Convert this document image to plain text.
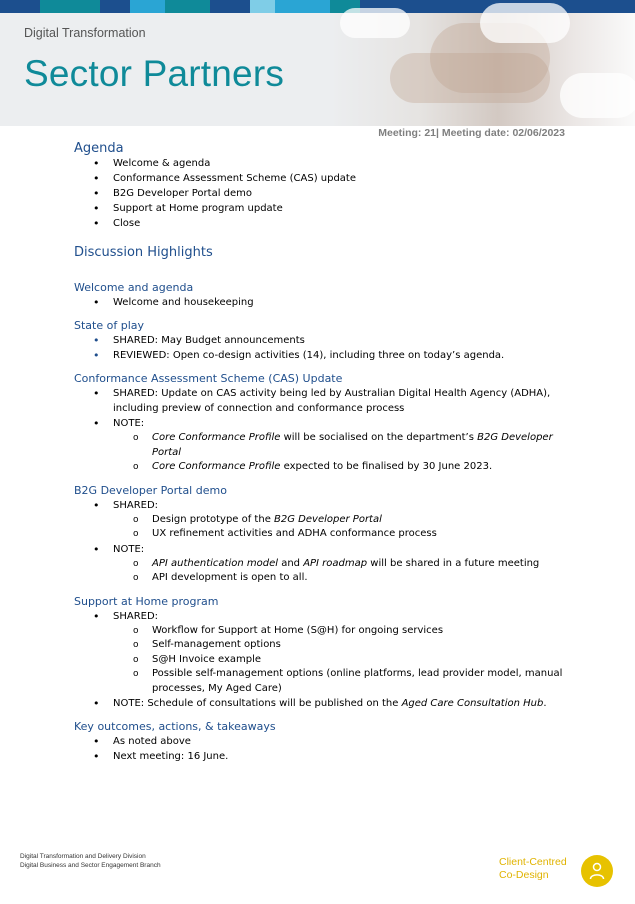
Digital Transformation
Sector Partners
Meeting: 21| Meeting date: 02/06/2023
Agenda
• Welcome & agenda
• Conformance Assessment Scheme (CAS) update
• B2G Developer Portal demo
• Support at Home program update
• Close
Discussion Highlights
Welcome and agenda
• Welcome and housekeeping
State of play
• SHARED: May Budget announcements
• REVIEWED: Open co-design activities (14), including three on today’s agenda.
Conformance Assessment Scheme (CAS) Update
• SHARED: Update on CAS activity being led by Australian Digital Health Agency (ADHA), including preview of connection and conformance process
• NOTE:
o Core Conformance Profile will be socialised on the department’s B2G Developer Portal
o Core Conformance Profile expected to be finalised by 30 June 2023.
B2G Developer Portal demo
• SHARED:
o Design prototype of the B2G Developer Portal
o UX refinement activities and ADHA conformance process
• NOTE:
o API authentication model and API roadmap will be shared in a future meeting
o API development is open to all.
Support at Home program
• SHARED:
o Workflow for Support at Home (S@H) for ongoing services
o Self-management options
o S@H Invoice example
o Possible self-management options (online platforms, lead provider model, manual processes, My Aged Care)
• NOTE: Schedule of consultations will be published on the Aged Care Consultation Hub.
Key outcomes, actions, & takeaways
• As noted above
• Next meeting: 16 June.
Digital Transformation and Delivery Division
Digital Business and Sector Engagement Branch	Client-Centred
Co-Design
